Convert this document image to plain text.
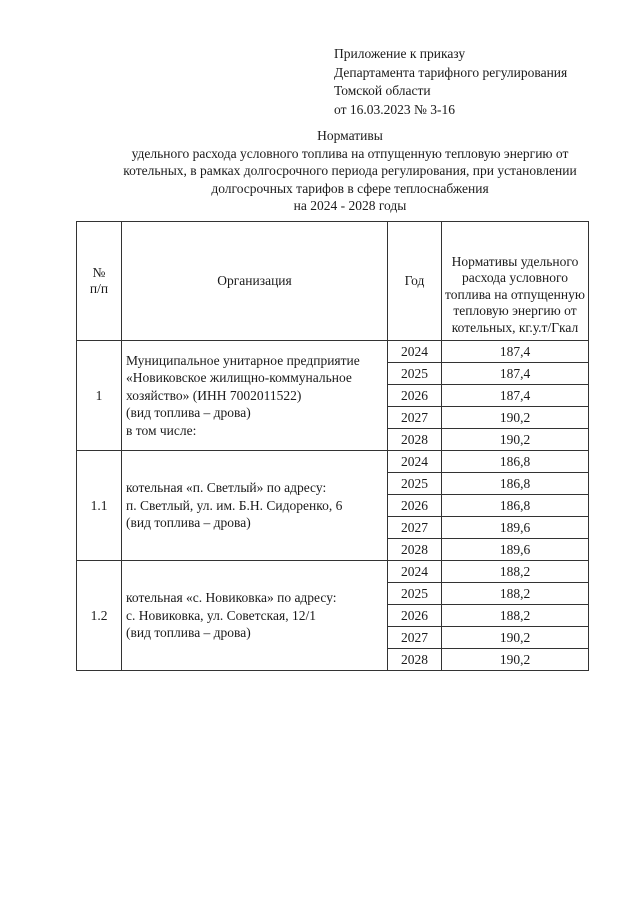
Приложение к приказу
Департамента тарифного регулирования
Томской области
от 16.03.2023 № 3-16
Нормативы
удельного расхода условного топлива на отпущенную тепловую энергию от
котельных, в рамках долгосрочного периода регулирования, при установлении
долгосрочных тарифов в сфере теплоснабжения
на 2024 - 2028 годы
№
п/п	Организация	Год	Нормативы удельного расхода условного топлива на отпущенную тепловую энергию от котельных, кг.у.т/Гкал
1	Муниципальное унитарное предприятие
«Новиковское жилищно-коммунальное
хозяйство» (ИНН 7002011522)
(вид топлива – дрова)
в том числе:	2024	187,4
		2025	187,4
		2026	187,4
		2027	190,2
		2028	190,2
1.1	котельная «п. Светлый» по адресу:
п. Светлый, ул. им. Б.Н. Сидоренко, 6
(вид топлива – дрова)	2024	186,8
		2025	186,8
		2026	186,8
		2027	189,6
		2028	189,6
1.2	котельная «с. Новиковка» по адресу:
с. Новиковка, ул. Советская, 12/1
(вид топлива – дрова)	2024	188,2
		2025	188,2
		2026	188,2
		2027	190,2
		2028	190,2
